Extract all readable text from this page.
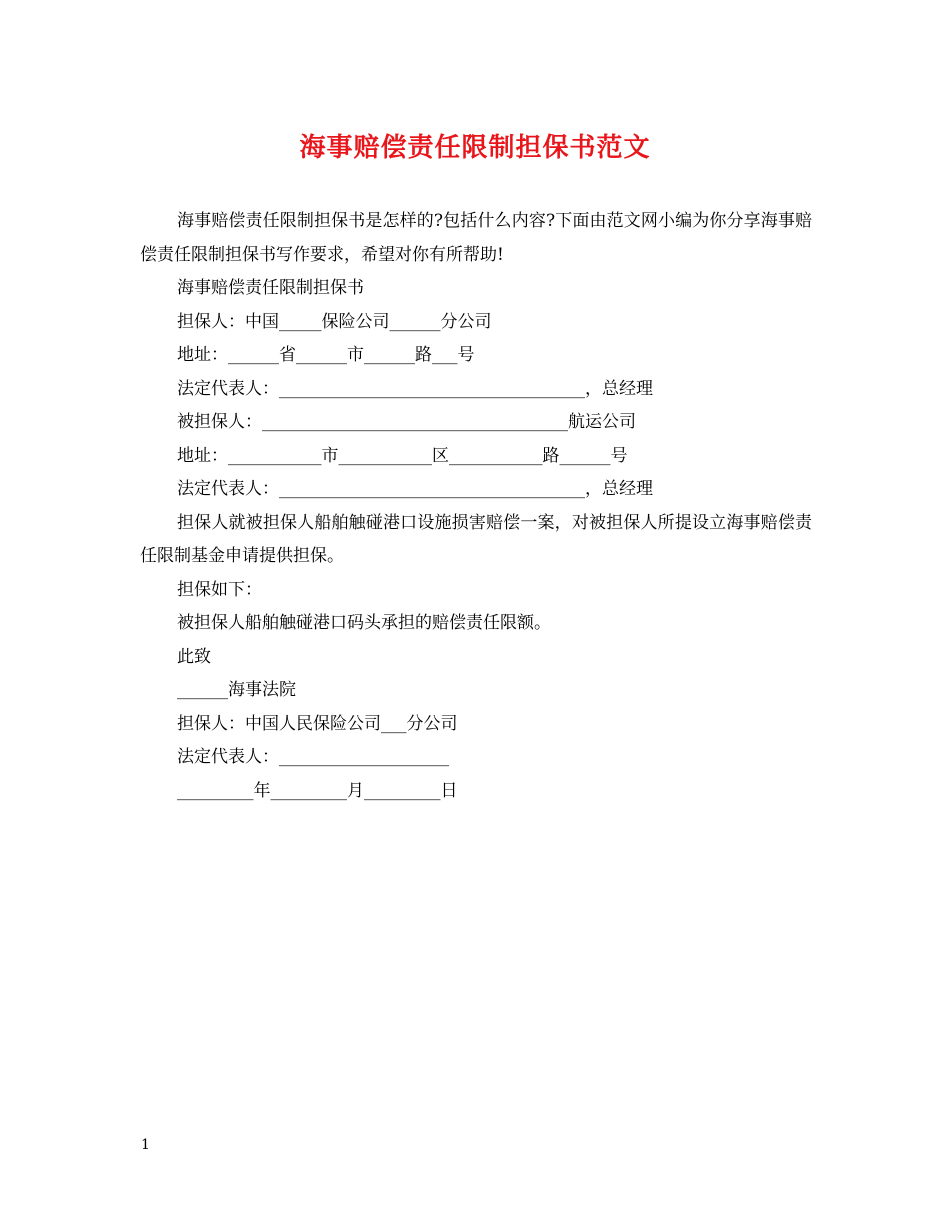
海事赔偿责任限制担保书范文

海事赔偿责任限制担保书是怎样的?包括什么内容?下面由范文网小编为你分享海事赔偿责任限制担保书写作要求，希望对你有所帮助!

海事赔偿责任限制担保书

担保人：中国_____保险公司______分公司

地址：______省______市______路___号

法定代表人：____________________________________，总经理

被担保人：____________________________________航运公司

地址：___________市___________区___________路______号

法定代表人：____________________________________，总经理

担保人就被担保人船舶触碰港口设施损害赔偿一案，对被担保人所提设立海事赔偿责任限制基金申请提供担保。

担保如下：

被担保人船舶触碰港口码头承担的赔偿责任限额。

此致

______海事法院

担保人：中国人民保险公司___分公司

法定代表人：____________________

_________年_________月_________日

1
